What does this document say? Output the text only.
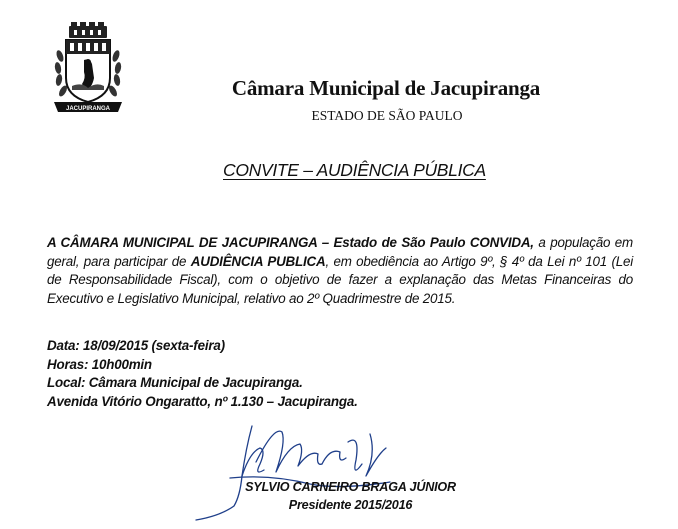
JACUPIRANGA
Câmara Municipal de Jacupiranga
ESTADO DE SÃO PAULO
CONVITE – AUDIÊNCIA PÚBLICA
A CÂMARA MUNICIPAL DE JACUPIRANGA – Estado de São Paulo CONVIDA, a população em geral, para participar de AUDIÊNCIA PUBLICA, em obediência ao Artigo 9º, § 4º da Lei nº 101 (Lei de Responsabilidade Fiscal), com o objetivo de fazer a explanação das Metas Financeiras do Executivo e Legislativo Municipal, relativo ao 2º Quadrimestre de 2015.
Data: 18/09/2015 (sexta-feira)
Horas: 10h00min
Local: Câmara Municipal de Jacupiranga.
Avenida Vitório Ongaratto, nº 1.130 – Jacupiranga.
SYLVIO CARNEIRO BRAGA JÚNIOR
Presidente 2015/2016
